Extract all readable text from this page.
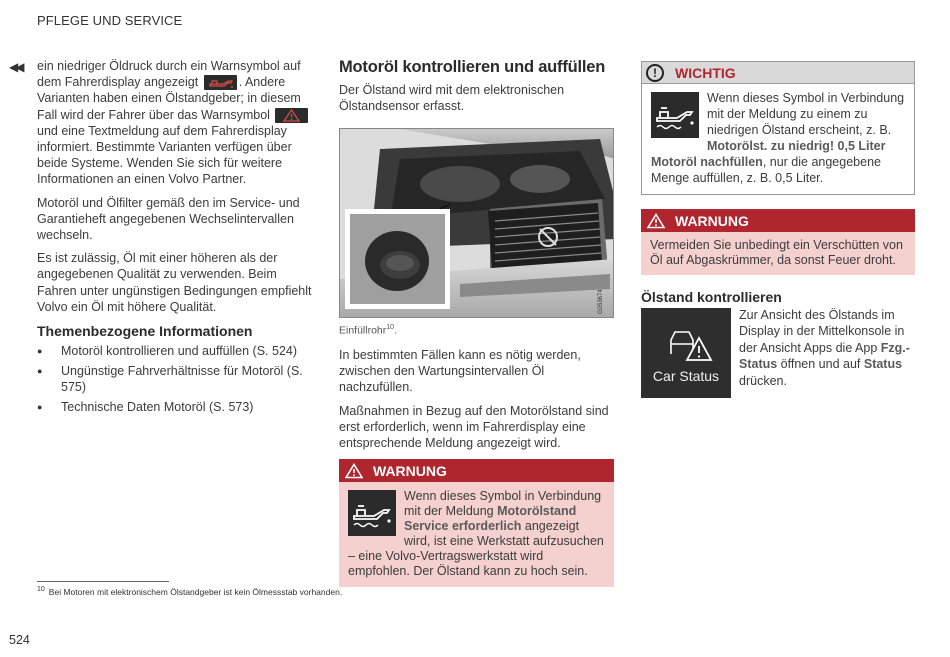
PFLEGE UND SERVICE
◀◀ ein niedriger Öldruck durch ein Warnsymbol auf dem Fahrerdisplay angezeigt	. Andere Varianten haben einen Ölstandgeber; in diesem Fall wird der Fahrer über das Warnsymbol
und eine Textmeldung auf dem Fahrerdisplay informiert. Bestimmte Varianten verfügen über beide Systeme. Wenden Sie sich für weitere Informationen an einen Volvo Partner.

Motoröl und Ölfilter gemäß den im Service- und Garantieheft angegebenen Wechselintervallen wechseln.

Es ist zulässig, Öl mit einer höheren als der angegebenen Qualität zu verwenden. Beim Fahren unter ungünstigen Bedingungen empfiehlt Volvo ein Öl mit höhere Qualität.

Themenbezogene Informationen
● Motoröl kontrollieren und auffüllen (S. 524)
● Ungünstige Fahrverhältnisse für Motoröl (S. 575)
● Technische Daten Motoröl (S. 573)
Motoröl kontrollieren und auffüllen

Der Ölstand wird mit dem elektronischen Ölstandsensor erfasst.

G053674
Einfüllrohr$^{10}$.

In bestimmten Fällen kann es nötig werden, zwischen den Wartungsintervallen Öl nachzufüllen.

Maßnahmen in Bezug auf den Motorölstand sind erst erforderlich, wenn im Fahrerdisplay eine entsprechende Meldung angezeigt wird.

WARNUNG
Wenn dieses Symbol in Verbindung mit der Meldung Motorölstand Service erforderlich angezeigt wird, ist eine Werkstatt aufzusuchen – eine Volvo-Vertragswerkstatt wird empfohlen. Der Ölstand kann zu hoch sein.
!	WICHTIG
Wenn dieses Symbol in Verbindung mit der Meldung zu einem zu niedrigen Ölstand erscheint, z. B. Motorölst. zu niedrig! 0,5 Liter Motoröl nachfüllen, nur die angegebene Menge auffüllen, z. B. 0,5 Liter.
WARNUNG
Vermeiden Sie unbedingt ein Verschütten von Öl auf Abgaskrümmer, da sonst Feuer droht.
Ölstand kontrollieren

Car Status
Zur Ansicht des Ölstands im Display in der Mittelkonsole in der Ansicht Apps die App Fzg.-Status öffnen und auf Status drücken.

$^{10}$ Bei Motoren mit elektronischem Ölstandgeber ist kein Ölmessstab vorhanden.
524
